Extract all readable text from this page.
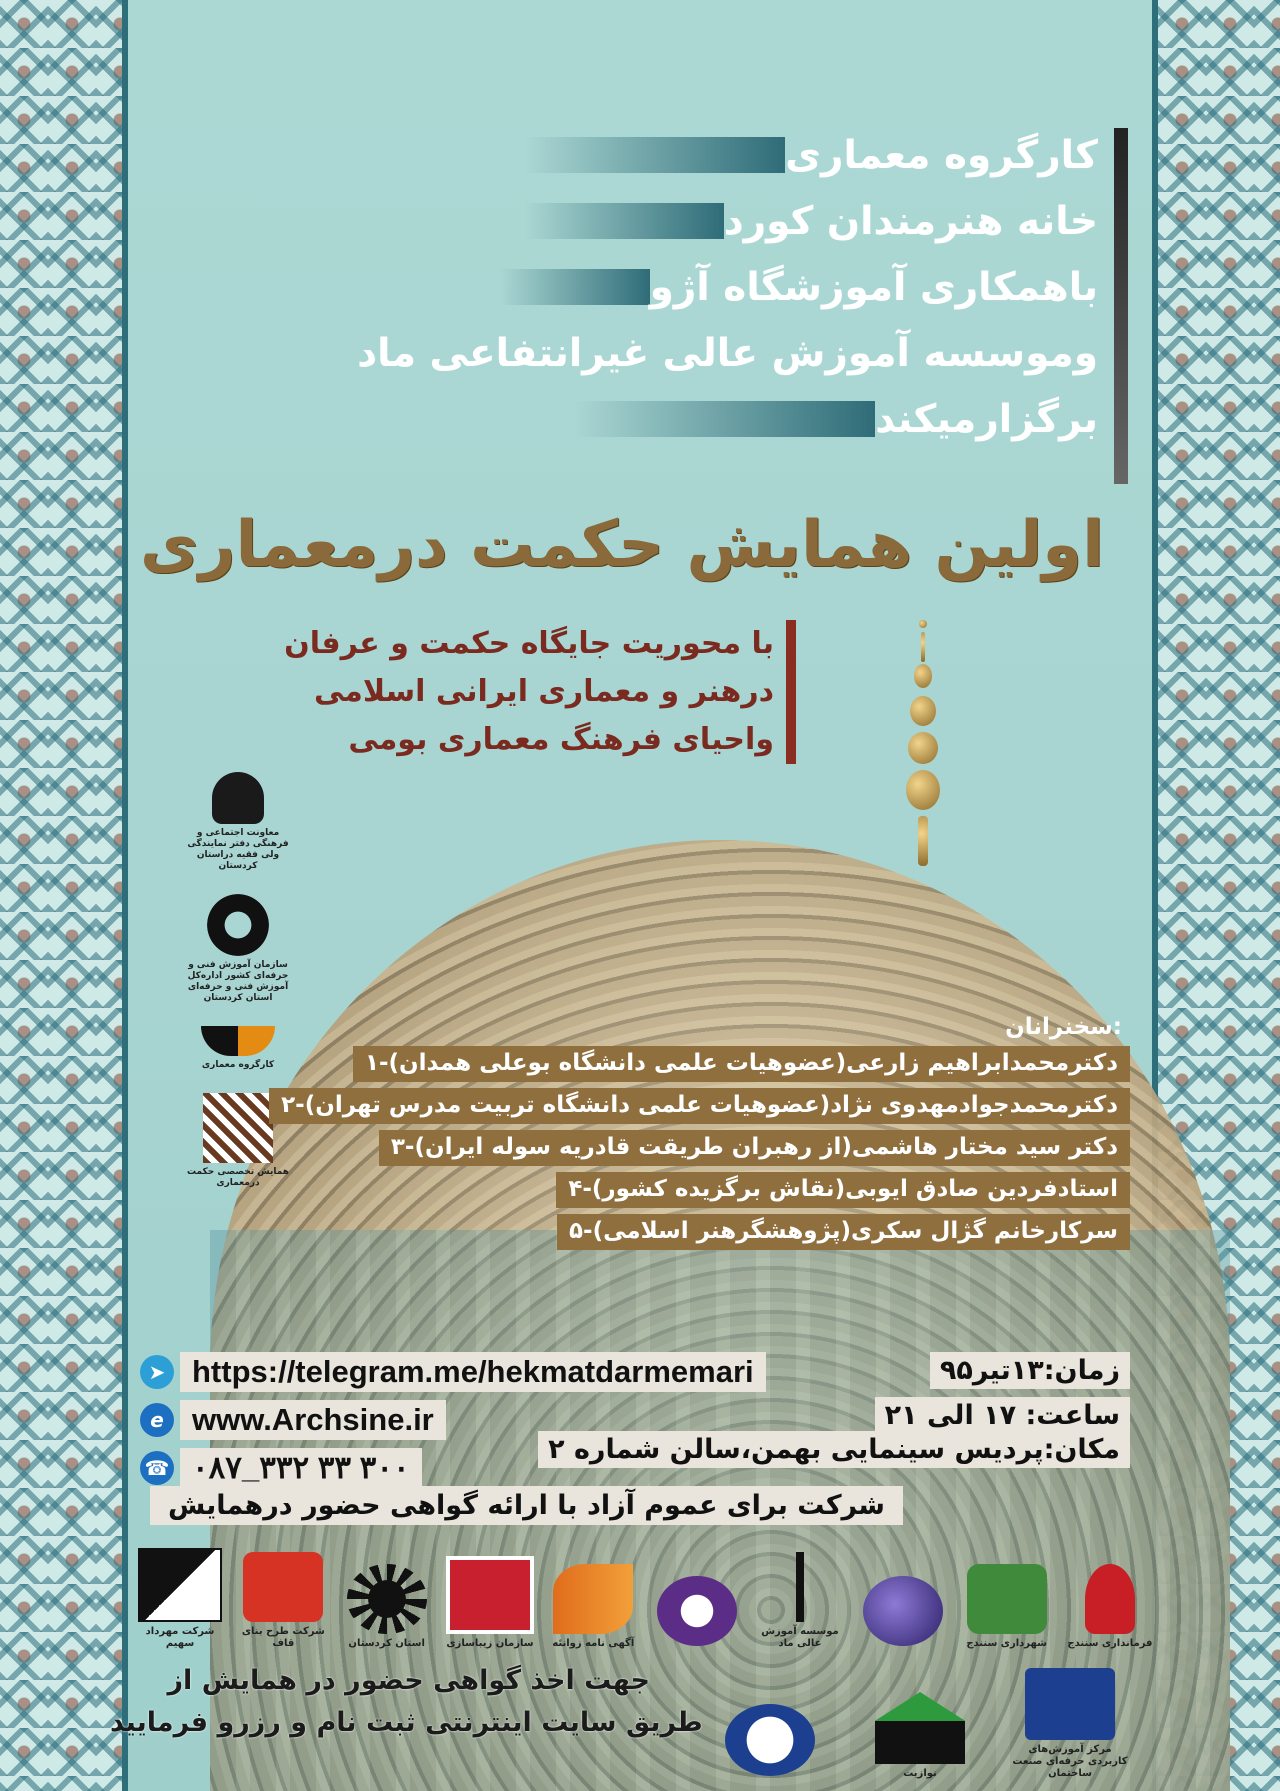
کارگروه معماری
خانه هنرمندان کورد
باهمکاری آموزشگاه آژو
وموسسه آموزش عالی غیرانتفاعی ماد
برگزارمیکند
اولین همایش حکمت درمعماری
با محوریت جایگاه حکمت و عرفان
درهنر و معماری ایرانی اسلامی
واحیای فرهنگ معماری بومی
معاونت اجتماعی و فرهنگی دفتر نمایندگی ولی فقیه دراستان کردستان
سازمان آموزش فنی و حرفه‌ای کشور اداره‌کل آموزش فنی و حرفه‌ای استان کردستان
کارگروه معماری
همایش تخصصی حکمت درمعماری
سخنرانان:
۱-دکترمحمدابراهیم زارعی(عضوهیات علمی دانشگاه بوعلی همدان)
۲-دکترمحمدجوادمهدوی نژاد(عضوهیات علمی دانشگاه تربیت مدرس تهران)
۳-دکتر سید مختار هاشمی(از رهبران طریقت قادریه سوله ایران)
۴-استادفردین صادق ایوبی(نقاش برگزیده کشور)
۵-سرکارخانم گژال سکری(پژوهشگرهنر اسلامی)
➤ https://telegram.me/hekmatdarmemari
e www.Archsine.ir
☎ ۰۸۷_۳۳۲ ۳۳ ۳۰۰
زمان:۱۳تیر۹۵
ساعت: ۱۷ الی ۲۱
مکان:پردیس سینمایی بهمن،سالن شماره ۲
شرکت برای عموم آزاد با ارائه گواهی حضور درهمایش
شرکت مهرداد سهیم
شرکت طرح بنای قاف	استان کردستان	سازمان زیباسازی	آگهی نامه زوانئه
موسسه آموزش عالی ماد	شهرداری سنندج	فرمانداری سنندج
نوازیت
مرکز آموزش‌های کاربردی حرفه‌ای صنعت ساختمان
جهت اخذ گواهی حضور در همایش از
طریق سایت اینترنتی ثبت نام و رزرو فرمایید
